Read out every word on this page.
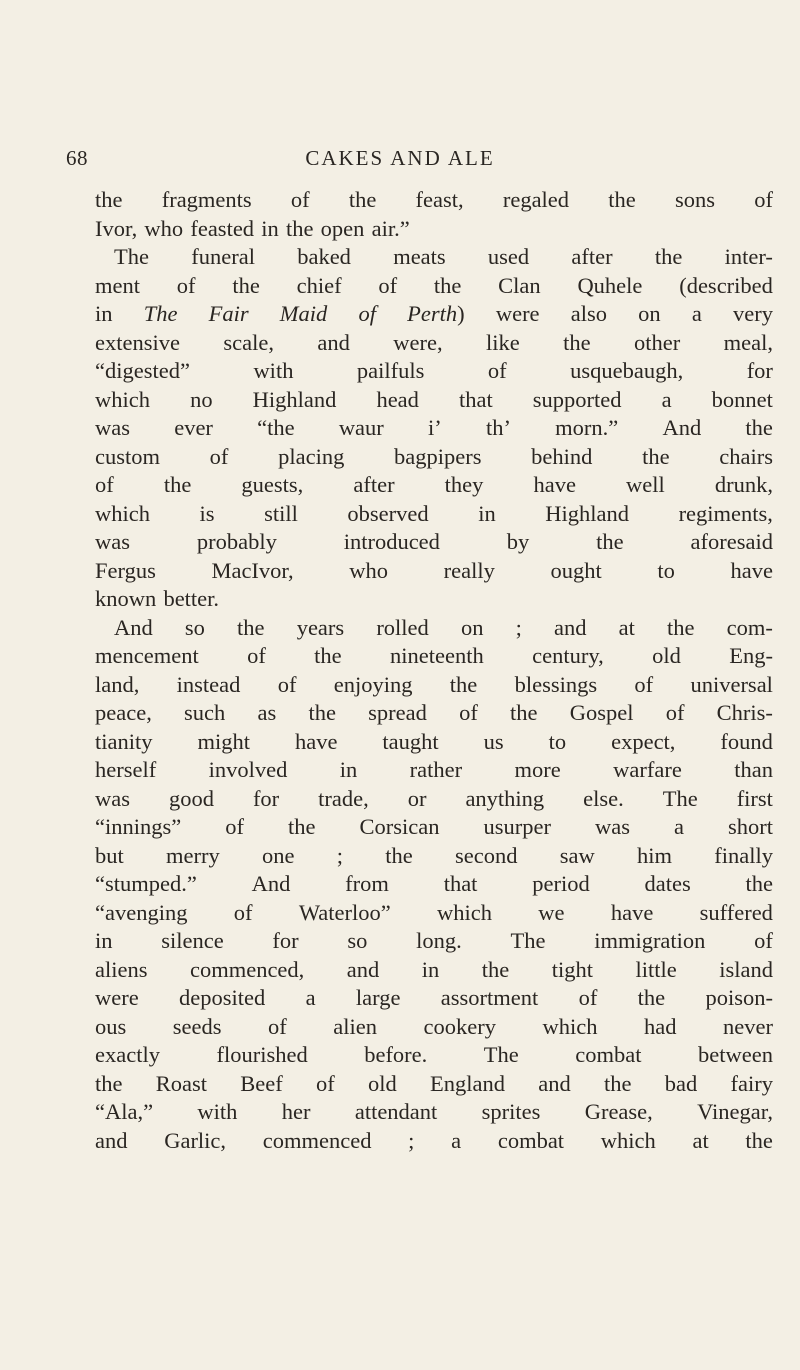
68	CAKES AND ALE
the fragments of the feast, regaled the sons of
Ivor, who feasted in the open air.”
The funeral baked meats used after the inter-
ment of the chief of the Clan Quhele (described
in The Fair Maid of Perth) were also on a very
extensive scale, and were, like the other meal,
“digested”	with	pailfuls	of	usquebaugh,	for
which no Highland head that supported a bonnet
was ever “the waur i’ th’ morn.” And the
custom of placing bagpipers behind the chairs
of the guests, after they have well drunk,
which is still observed in Highland regiments,
was	probably	introduced	by	the	aforesaid
Fergus MacIvor, who really ought to have
known better.
And so the years rolled on ; and at the com-
mencement of the nineteenth century, old Eng-
land, instead of enjoying the blessings of universal
peace, such as the spread of the Gospel of Chris-
tianity might have taught us to expect, found
herself involved in rather more warfare than
was good for trade, or anything else. The first
“innings” of the Corsican usurper was a short
but merry one ; the second saw him finally
“stumped.” And from that period dates the
“avenging of Waterloo” which we have suffered
in silence for so long. The immigration of
aliens commenced, and in the tight little island
were deposited a large assortment of the poison-
ous seeds of alien cookery which had never
exactly	flourished	before.	The	combat	between
the Roast Beef of old England and the bad fairy
“Ala,” with her attendant sprites Grease, Vinegar,
and Garlic, commenced ; a combat which at the
